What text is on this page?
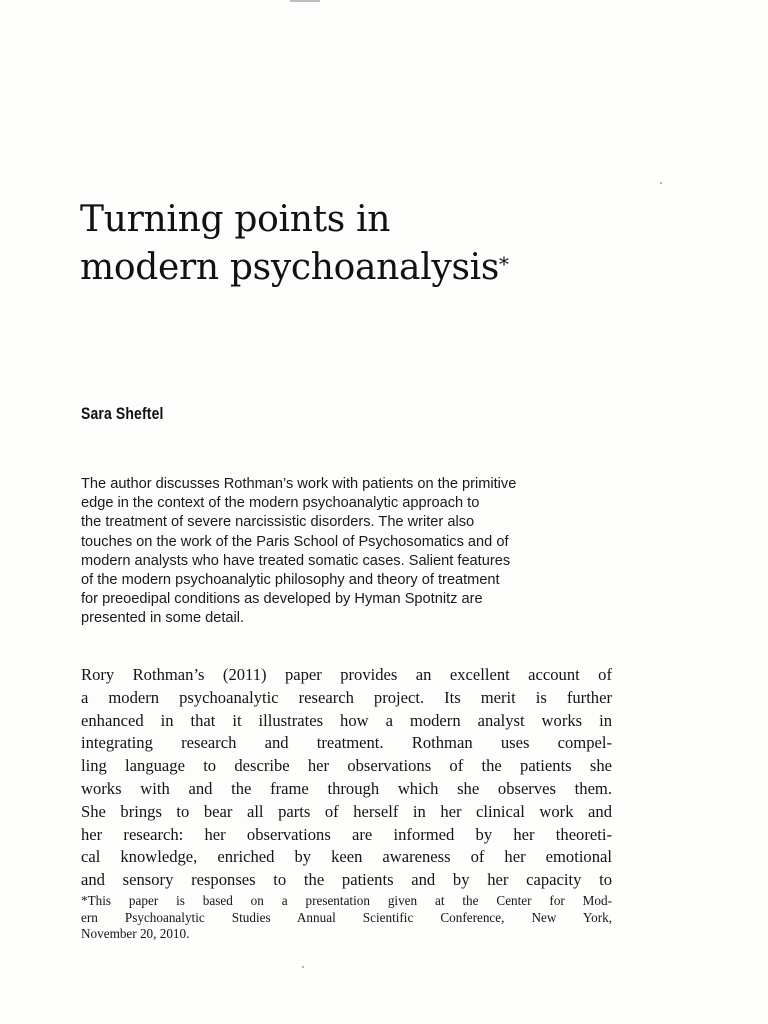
Turning points in
modern psychoanalysis*

Sara Sheftel

The author discusses Rothman’s work with patients on the primitive
edge in the context of the modern psychoanalytic approach to
the treatment of severe narcissistic disorders. The writer also
touches on the work of the Paris School of Psychosomatics and of
modern analysts who have treated somatic cases. Salient features
of the modern psychoanalytic philosophy and theory of treatment
for preoedipal conditions as developed by Hyman Spotnitz are
presented in some detail.

Rory Rothman’s (2011) paper provides an excellent account of
a modern psychoanalytic research project. Its merit is further
enhanced in that it illustrates how a modern analyst works in
integrating research and treatment. Rothman uses compel-
ling language to describe her observations of the patients she
works with and the frame through which she observes them.
She brings to bear all parts of herself in her clinical work and
her research: her observations are informed by her theoreti-
cal knowledge, enriched by keen awareness of her emotional
and sensory responses to the patients and by her capacity to
*This paper is based on a presentation given at the Center for Mod-
ern Psychoanalytic Studies Annual Scientific Conference, New York,
November 20, 2010.
